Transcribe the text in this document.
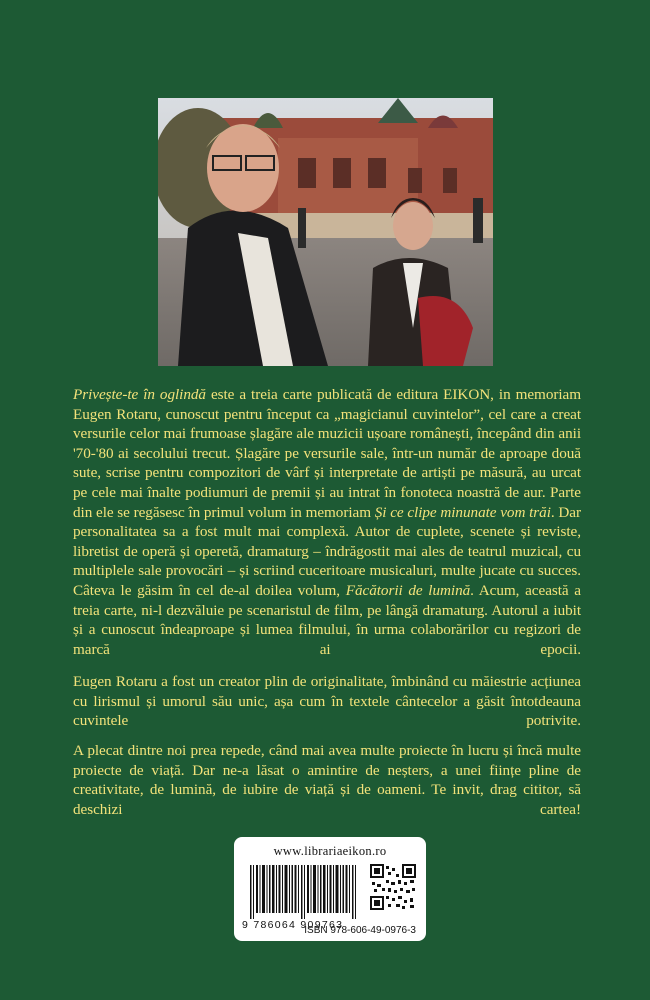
Privește-te în oglindă este a treia carte publicată de editura EIKON, in memoriam Eugen Rotaru, cunoscut pentru început ca „magicianul cuvintelor”, cel care a creat versurile celor mai frumoase șlagăre ale muzicii ușoare românești, începând din anii '70-'80 ai secolului trecut. Șlagăre pe versurile sale, într-un număr de aproape două sute, scrise pentru compozitori de vârf și interpretate de artiști pe măsură, au urcat pe cele mai înalte podiumuri de premii și au intrat în fonoteca noastră de aur. Parte din ele se regăsesc în primul volum in memoriam Și ce clipe minunate vom trăi. Dar personalitatea sa a fost mult mai complexă. Autor de cuplete, scenete și reviste, libretist de operă și operetă, dramaturg – îndrăgostit mai ales de teatrul muzical, cu multiplele sale provocări – și scriind cuceritoare musicaluri, multe jucate cu succes. Câteva le găsim în cel de-al doilea volum, Făcătorii de lumină. Acum, această a treia carte, ni-l dezvăluie pe scenaristul de film, pe lângă dramaturg. Autorul a iubit și a cunoscut îndeaproape și lumea filmului, în urma colaborărilor cu regizori de marcă ai epocii.

Eugen Rotaru a fost un creator plin de originalitate, îmbinând cu măiestrie acțiunea cu lirismul și umorul său unic, așa cum în textele cântecelor a găsit întotdeauna cuvintele potrivite.

A plecat dintre noi prea repede, când mai avea multe proiecte în lucru și încă multe proiecte de viață. Dar ne-a lăsat o amintire de neșters, a unei ființe pline de creativitate, de lumină, de iubire de viață și de oameni. Te invit, drag cititor, să deschizi cartea!

www.librariaeikon.ro
9 786064 909763
ISBN 978-606-49-0976-3
